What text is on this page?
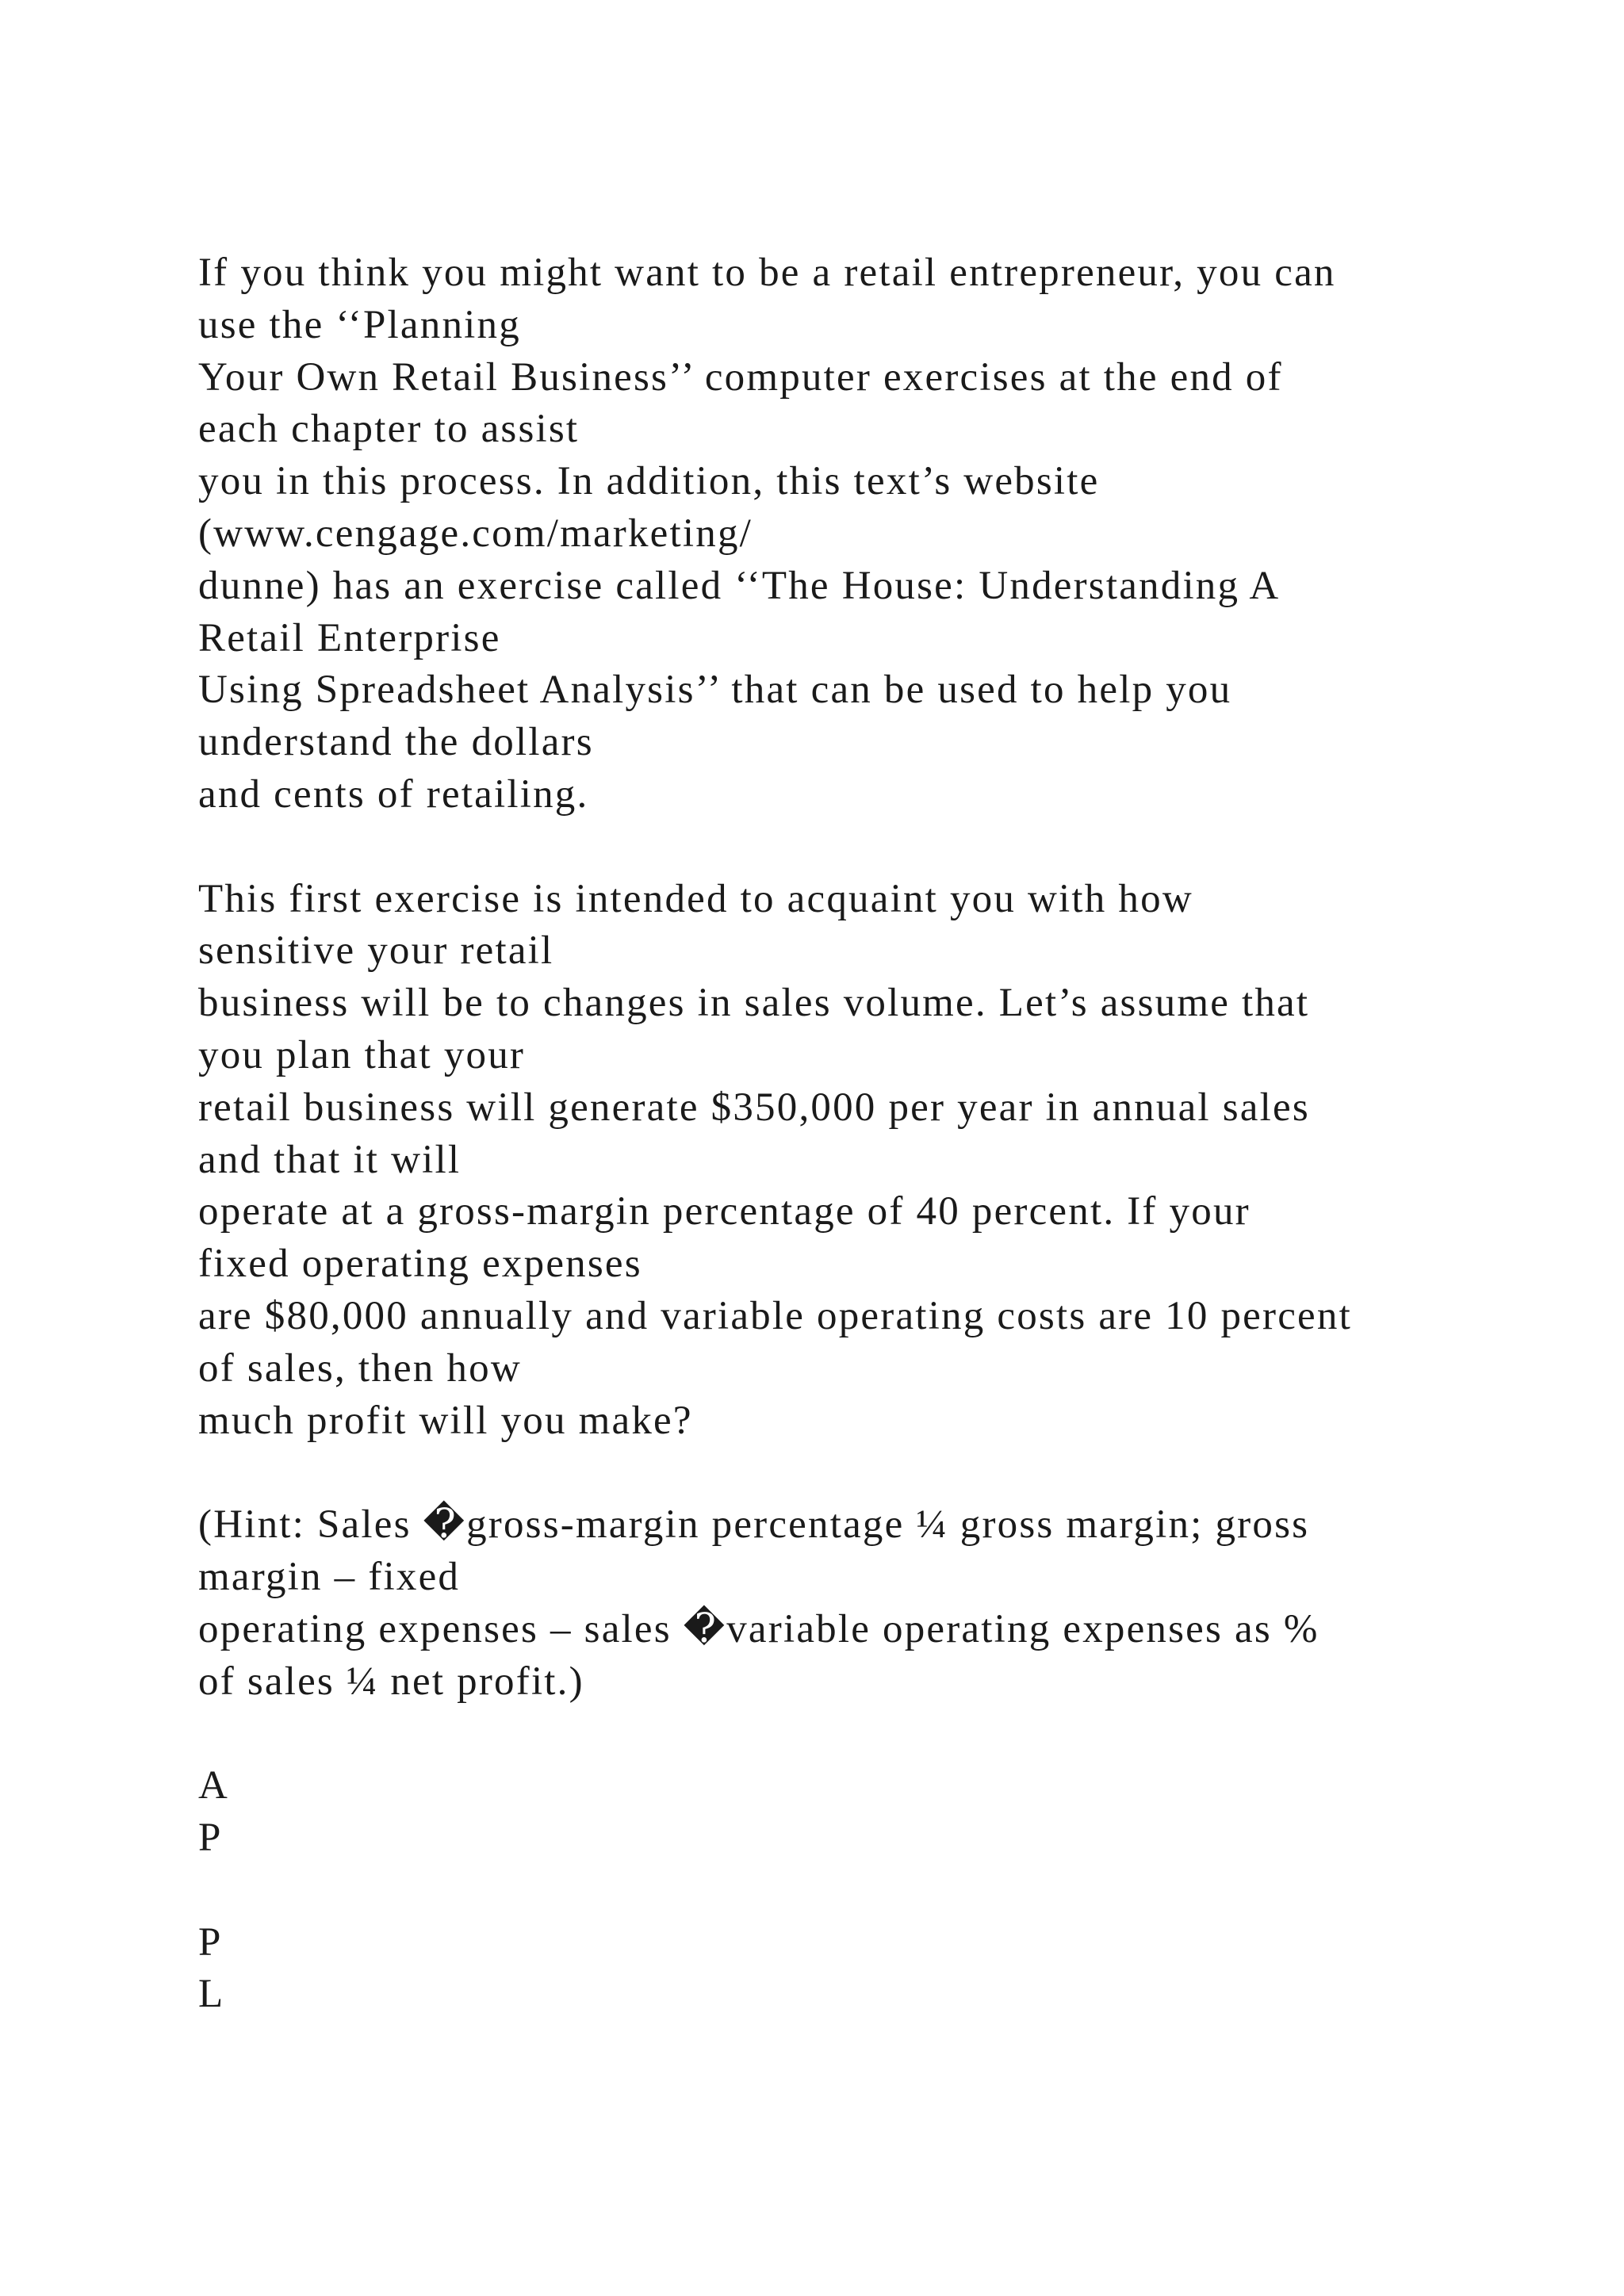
If you think you might want to be a retail entrepreneur, you can
use the ‘‘Planning
Your Own Retail Business’’ computer exercises at the end of
each chapter to assist
you in this process. In addition, this text’s website
(www.cengage.com/marketing/
dunne) has an exercise called ‘‘The House: Understanding A
Retail Enterprise
Using Spreadsheet Analysis’’ that can be used to help you
understand the dollars
and cents of retailing.
This first exercise is intended to acquaint you with how
sensitive your retail
business will be to changes in sales volume. Let’s assume that
you plan that your
retail business will generate $350,000 per year in annual sales
and that it will
operate at a gross-margin percentage of 40 percent. If your
fixed operating expenses
are $80,000 annually and variable operating costs are 10 percent
of sales, then how
much profit will you make?
(Hint: Sales �gross-margin percentage ¼ gross margin; gross
margin – fixed
operating expenses – sales �variable operating expenses as %
of sales ¼ net profit.)
A
P
P
L
